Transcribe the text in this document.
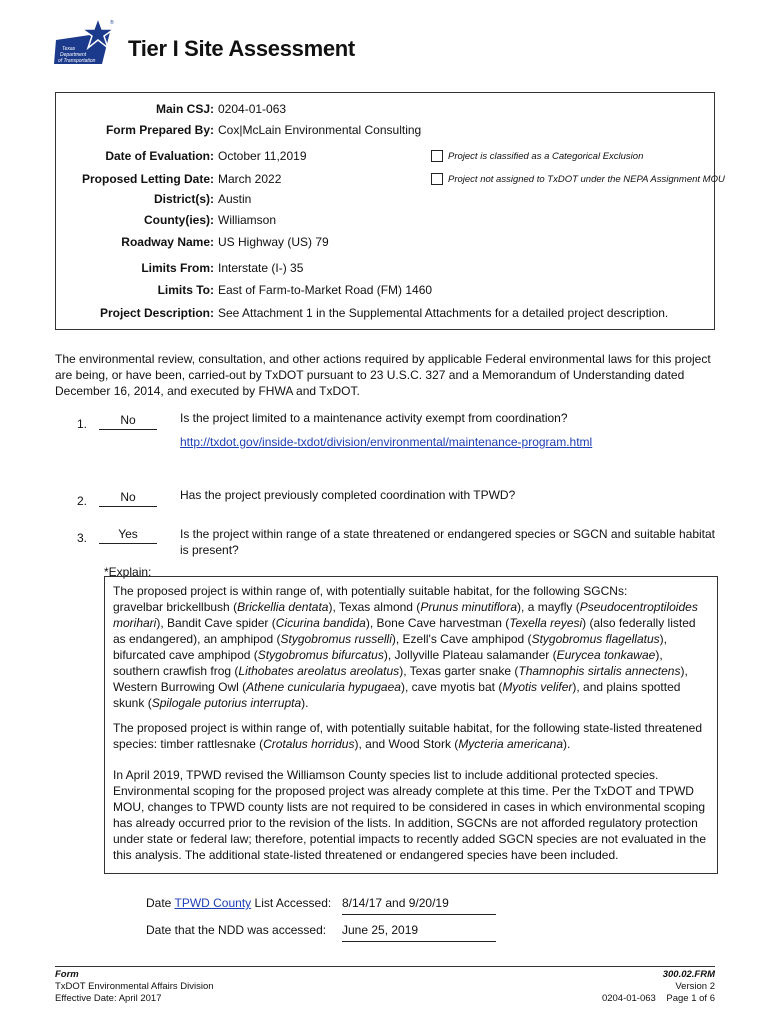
Texas
Department
of Transportation
®
Tier I Site Assessment
Main CSJ: 0204-01-063
Form Prepared By: Cox|McLain Environmental Consulting
Date of Evaluation: October 11,2019
Proposed Letting Date: March 2022
District(s): Austin
County(ies): Williamson
Roadway Name: US Highway (US) 79
Limits From: Interstate (I-) 35
Limits To: East of Farm-to-Market Road (FM) 1460
Project Description: See Attachment 1 in the Supplemental Attachments for a detailed project description.
Project is classified as a Categorical Exclusion
Project not assigned to TxDOT under the NEPA Assignment MOU

The environmental review, consultation, and other actions required by applicable Federal environmental laws for this project are being, or have been, carried-out by TxDOT pursuant to 23 U.S.C. 327 and a Memorandum of Understanding dated December 16, 2014, and executed by FHWA and TxDOT.

1.	No	Is the project limited to a maintenance activity exempt from coordination?
http://txdot.gov/inside-txdot/division/environmental/maintenance-program.html
2.	No	Has the project previously completed coordination with TPWD?
3.	Yes	Is the project within range of a state threatened or endangered species or SGCN and suitable habitat is present?
*Explain:

The proposed project is within range of, with potentially suitable habitat, for the following SGCNs:
gravelbar brickellbush (Brickellia dentata), Texas almond (Prunus minutiflora), a mayfly (Pseudocentroptiloides morihari), Bandit Cave spider (Cicurina bandida), Bone Cave harvestman (Texella reyesi) (also federally listed as endangered), an amphipod (Stygobromus russelli), Ezell's Cave amphipod (Stygobromus flagellatus), bifurcated cave amphipod (Stygobromus bifurcatus), Jollyville Plateau salamander (Eurycea tonkawae), southern crawfish frog (Lithobates areolatus areolatus), Texas garter snake (Thamnophis sirtalis annectens), Western Burrowing Owl (Athene cunicularia hypugaea), cave myotis bat (Myotis velifer), and plains spotted skunk (Spilogale putorius interrupta).

The proposed project is within range of, with potentially suitable habitat, for the following state-listed threatened species: timber rattlesnake (Crotalus horridus), and Wood Stork (Mycteria americana).

In April 2019, TPWD revised the Williamson County species list to include additional protected species. Environmental scoping for the proposed project was already complete at this time. Per the TxDOT and TPWD MOU, changes to TPWD county lists are not required to be considered in cases in which environmental scoping has already occurred prior to the revision of the lists. In addition, SGCNs are not afforded regulatory protection under state or federal law; therefore, potential impacts to recently added SGCN species are not evaluated in the this analysis. The additional state-listed threatened or endangered species have been included.

Date TPWD County List Accessed: 8/14/17 and 9/20/19
Date that the NDD was accessed: June 25, 2019
Form
TxDOT Environmental Affairs Division
Effective Date: April 2017
300.02.FRM
Version 2
0204-01-063 Page 1 of 6
